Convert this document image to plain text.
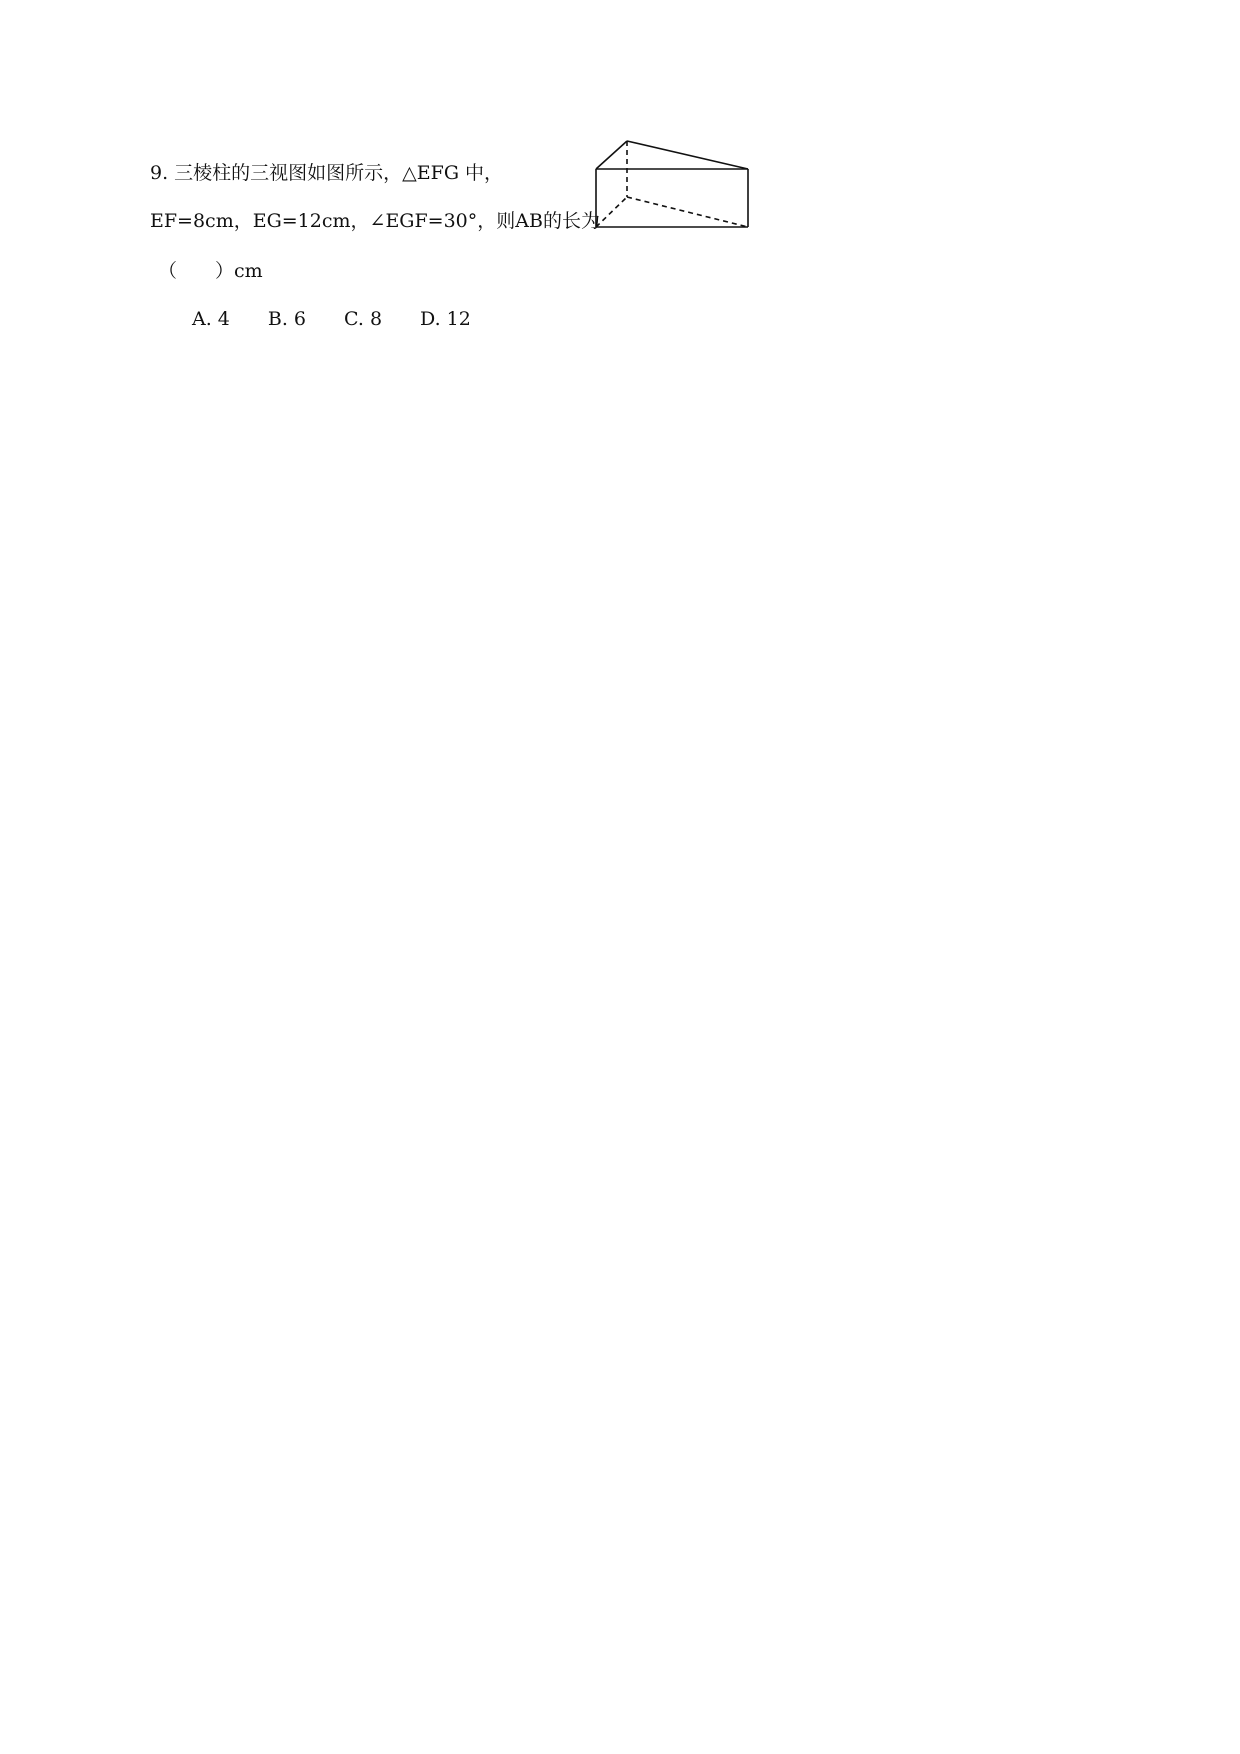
9. 三棱柱的三视图如图所示，△EFG 中，
EF=8cm，EG=12cm，∠EGF=30°，则AB的长为
（　　）cm
A. 4　　B. 6　　C. 8　　D. 12
